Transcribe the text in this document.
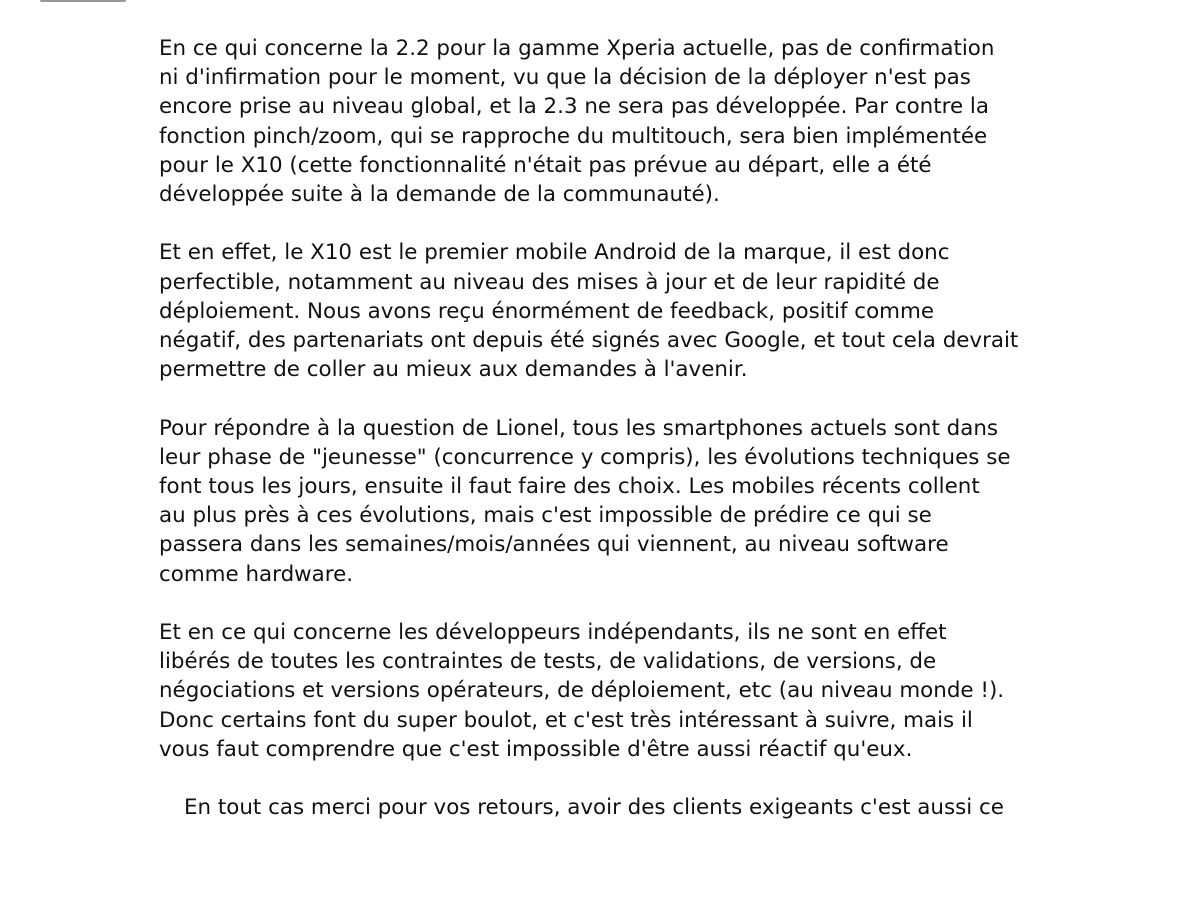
En ce qui concerne la 2.2 pour la gamme Xperia actuelle, pas de confirmation
ni d'infirmation pour le moment, vu que la décision de la déployer n'est pas
encore prise au niveau global, et la 2.3 ne sera pas développée. Par contre la
fonction pinch/zoom, qui se rapproche du multitouch, sera bien implémentée
pour le X10 (cette fonctionnalité n'était pas prévue au départ, elle a été
développée suite à la demande de la communauté).

Et en effet, le X10 est le premier mobile Android de la marque, il est donc
perfectible, notamment au niveau des mises à jour et de leur rapidité de
déploiement. Nous avons reçu énormément de feedback, positif comme
négatif, des partenariats ont depuis été signés avec Google, et tout cela devrait
permettre de coller au mieux aux demandes à l'avenir.

Pour répondre à la question de Lionel, tous les smartphones actuels sont dans
leur phase de "jeunesse" (concurrence y compris), les évolutions techniques se
font tous les jours, ensuite il faut faire des choix. Les mobiles récents collent
au plus près à ces évolutions, mais c'est impossible de prédire ce qui se
passera dans les semaines/mois/années qui viennent, au niveau software
comme hardware.

Et en ce qui concerne les développeurs indépendants, ils ne sont en effet
libérés de toutes les contraintes de tests, de validations, de versions, de
négociations et versions opérateurs, de déploiement, etc (au niveau monde !).
Donc certains font du super boulot, et c'est très intéressant à suivre, mais il
vous faut comprendre que c'est impossible d'être aussi réactif qu'eux.

En tout cas merci pour vos retours, avoir des clients exigeants c'est aussi ce
